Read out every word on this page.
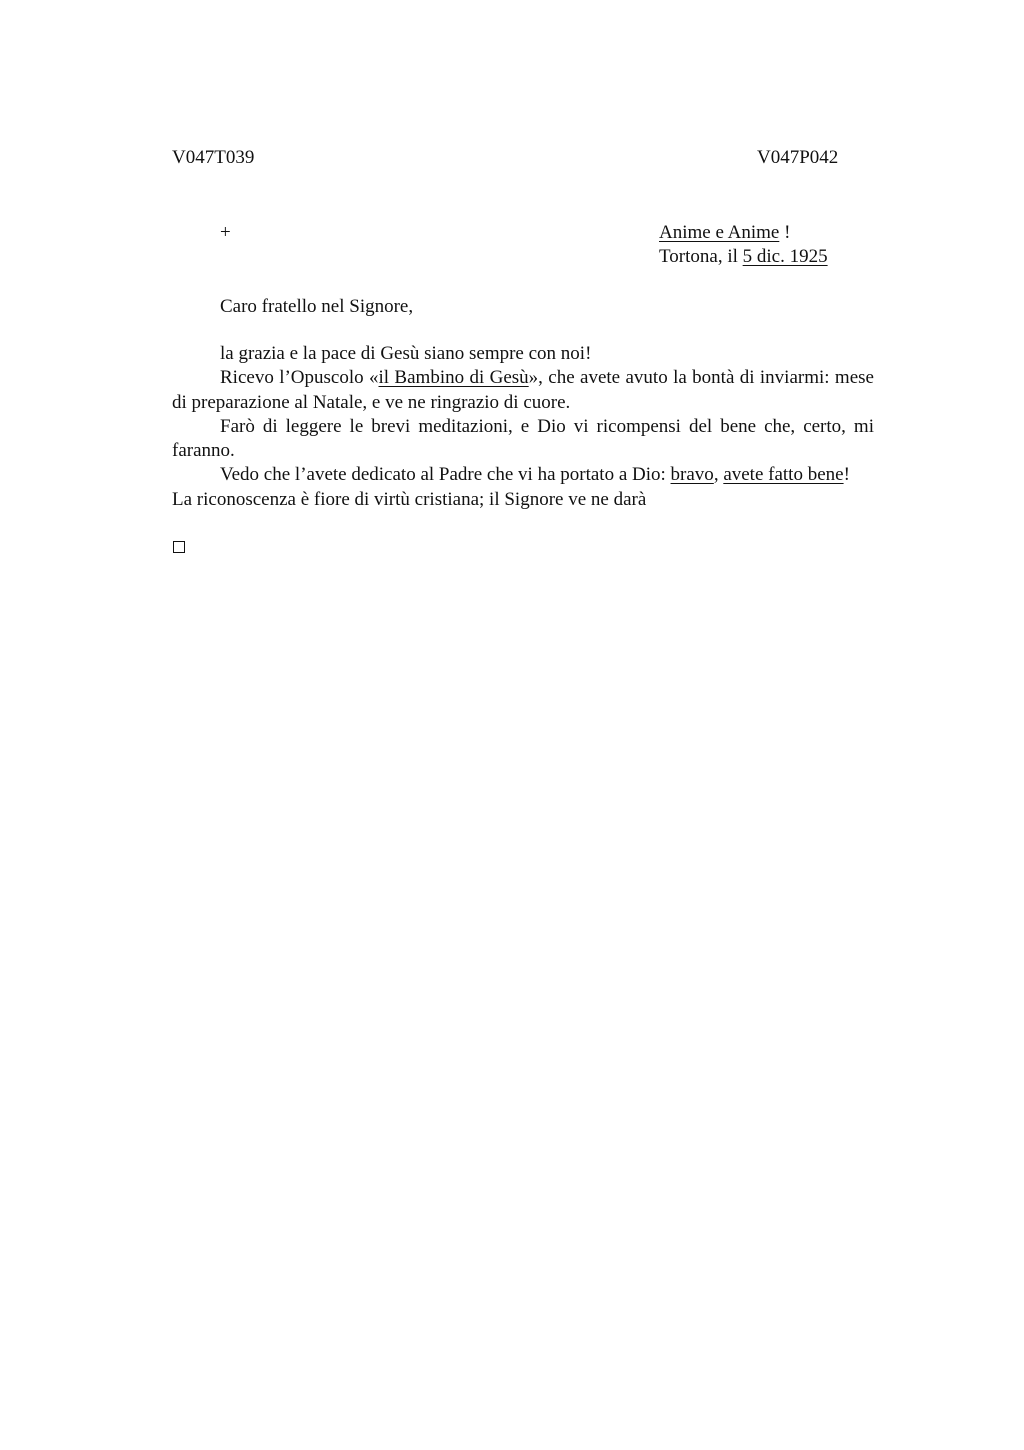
V047T039	V047P042
+	Anime e Anime !
Tortona, il 5 dic. 1925
Caro fratello nel Signore,

la grazia e la pace di Gesù siano sempre con noi!

Ricevo l’Opuscolo «il Bambino di Gesù», che avete avuto la bontà di inviarmi: mese di preparazione al Natale, e ve ne ringrazio di cuore.

Farò di leggere le brevi meditazioni, e Dio vi ricompensi del bene che, certo, mi faranno.

Vedo che l’avete dedicato al Padre che vi ha portato a Dio: bravo, avete fatto bene!

La riconoscenza è fiore di virtù cristiana; il Signore ve ne darà
